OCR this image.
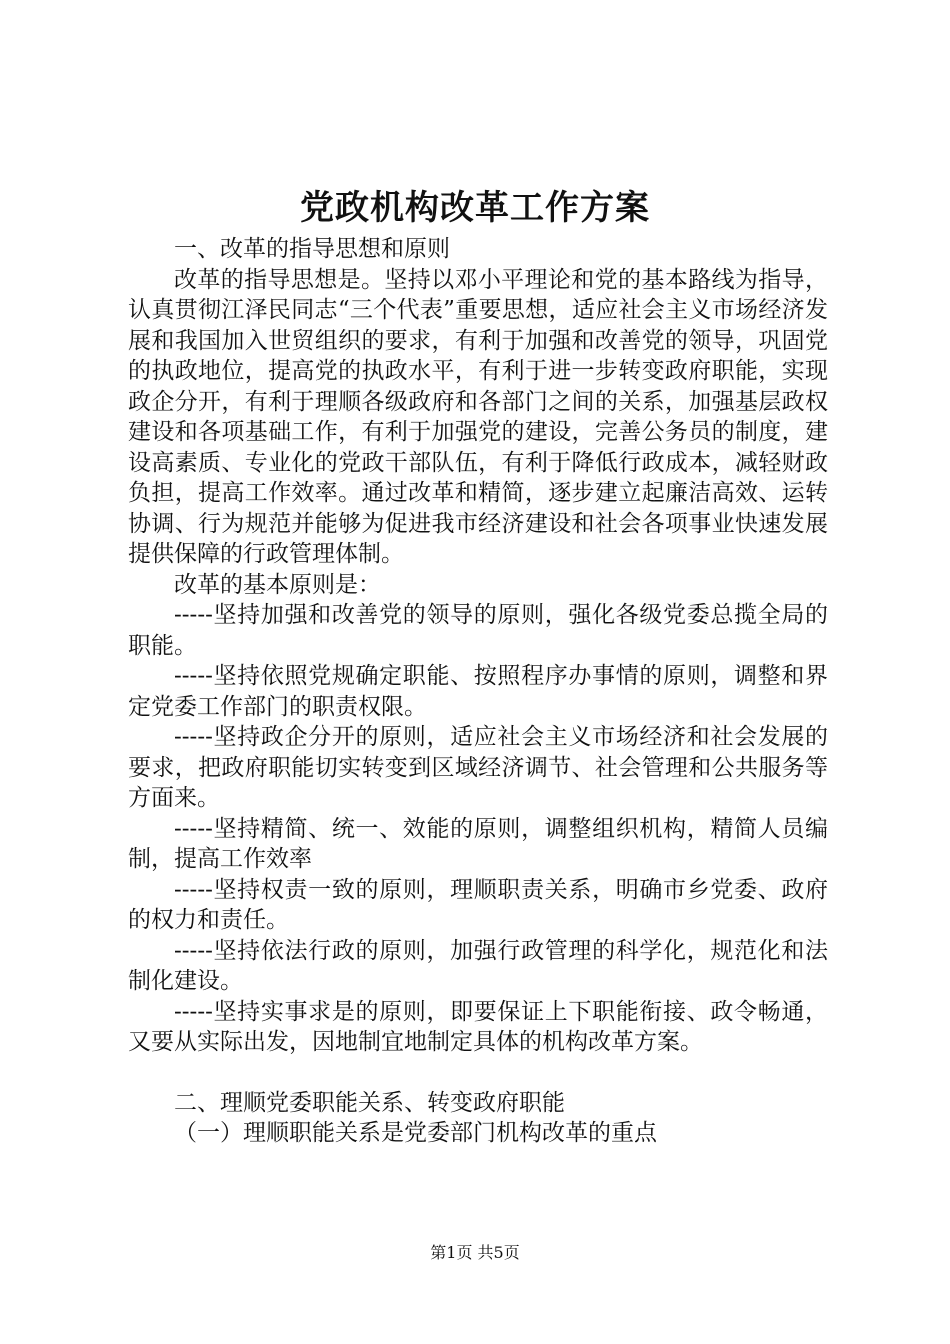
党政机构改革工作方案

一、改革的指导思想和原则

改革的指导思想是。坚持以邓小平理论和党的基本路线为指导，认真贯彻江泽民同志“三个代表”重要思想，适应社会主义市场经济发展和我国加入世贸组织的要求，有利于加强和改善党的领导，巩固党的执政地位，提高党的执政水平，有利于进一步转变政府职能，实现政企分开，有利于理顺各级政府和各部门之间的关系，加强基层政权建设和各项基础工作，有利于加强党的建设，完善公务员的制度，建设高素质、专业化的党政干部队伍，有利于降低行政成本，减轻财政负担，提高工作效率。通过改革和精简，逐步建立起廉洁高效、运转协调、行为规范并能够为促进我市经济建设和社会各项事业快速发展提供保障的行政管理体制。

改革的基本原则是：

-----坚持加强和改善党的领导的原则，强化各级党委总揽全局的职能。

-----坚持依照党规确定职能、按照程序办事情的原则，调整和界定党委工作部门的职责权限。

-----坚持政企分开的原则，适应社会主义市场经济和社会发展的要求，把政府职能切实转变到区域经济调节、社会管理和公共服务等方面来。

-----坚持精简、统一、效能的原则，调整组织机构，精简人员编制，提高工作效率

-----坚持权责一致的原则，理顺职责关系，明确市乡党委、政府的权力和责任。

-----坚持依法行政的原则，加强行政管理的科学化，规范化和法制化建设。

-----坚持实事求是的原则，即要保证上下职能衔接、政令畅通，又要从实际出发，因地制宜地制定具体的机构改革方案。

二、理顺党委职能关系、转变政府职能

（一）理顺职能关系是党委部门机构改革的重点

第1页 共5页
